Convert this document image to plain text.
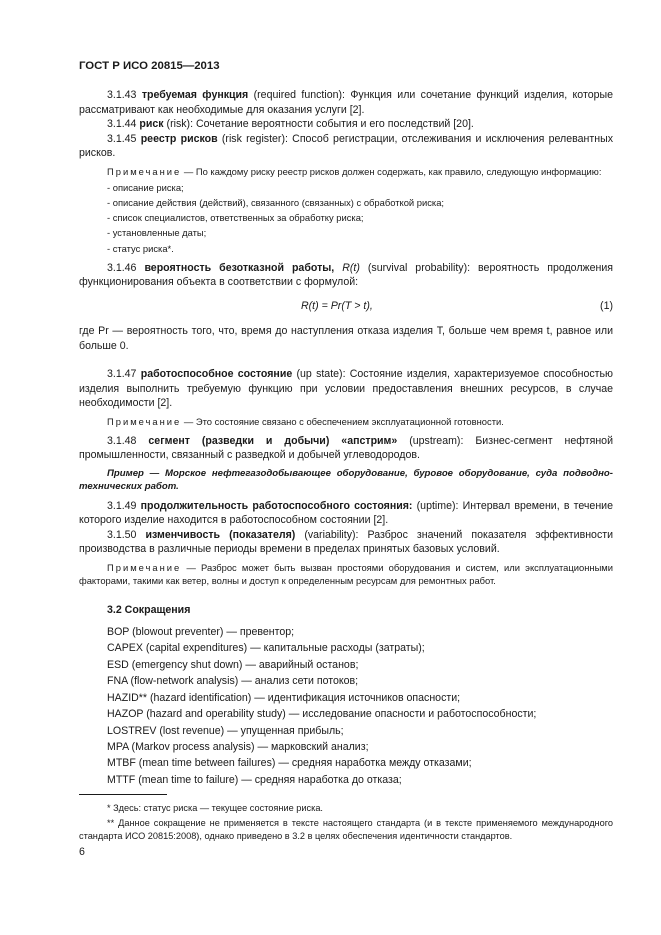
ГОСТ Р ИСО 20815—2013

3.1.43 требуемая функция (required function): Функция или сочетание функций изделия, которые рассматривают как необходимые для оказания услуги [2].

3.1.44 риск (risk): Сочетание вероятности события и его последствий [20].

3.1.45 реестр рисков (risk register): Способ регистрации, отслеживания и исключения релевантных рисков.

Примечание — По каждому риску реестр рисков должен содержать, как правило, следующую информацию:

- описание риска;
- описание действия (действий), связанного (связанных) с обработкой риска;
- список специалистов, ответственных за обработку риска;
- установленные даты;
- статус риска*.

3.1.46 вероятность безотказной работы, R(t) (survival probability): вероятность продолжения функционирования объекта в соответствии с формулой:

R(t) = Pr(T > t),	(1)

где Pr — вероятность того, что, время до наступления отказа изделия T, больше чем время t, равное или больше 0.

3.1.47 работоспособное состояние (up state): Состояние изделия, характеризуемое способностью изделия выполнить требуемую функцию при условии предоставления внешних ресурсов, в случае необходимости [2].

Примечание — Это состояние связано с обеспечением эксплуатационной готовности.

3.1.48 сегмент (разведки и добычи) «апстрим» (upstream): Бизнес-сегмент нефтяной промышленности, связанный с разведкой и добычей углеводородов.

Пример — Морское нефтегазодобывающее оборудование, буровое оборудование, суда подводно-технических работ.

3.1.49 продолжительность работоспособного состояния: (uptime): Интервал времени, в течение которого изделие находится в работоспособном состоянии [2].

3.1.50 изменчивость (показателя) (variability): Разброс значений показателя эффективности производства в различные периоды времени в пределах принятых базовых условий.

Примечание — Разброс может быть вызван простоями оборудования и систем, или эксплуатационными факторами, такими как ветер, волны и доступ к определенным ресурсам для ремонтных работ.

3.2 Сокращения

BOP (blowout preventer) — превентор;

CAPEX (capital expenditures) — капитальные расходы (затраты);

ESD (emergency shut down) — аварийный останов;

FNA (flow-network analysis) — анализ сети потоков;

HAZID** (hazard identification) — идентификация источников опасности;

HAZOP (hazard and operability study) — исследование опасности и работоспособности;

LOSTREV (lost revenue) — упущенная прибыль;

MPA (Markov process analysis) — марковский анализ;

MTBF (mean time between failures) — средняя наработка между отказами;

MTTF (mean time to failure) — средняя наработка до отказа;

* Здесь: статус риска — текущее состояние риска.

** Данное сокращение не применяется в тексте настоящего стандарта (и в тексте применяемого международного стандарта ИСО 20815:2008), однако приведено в 3.2 в целях обеспечения идентичности стандартов.

6
